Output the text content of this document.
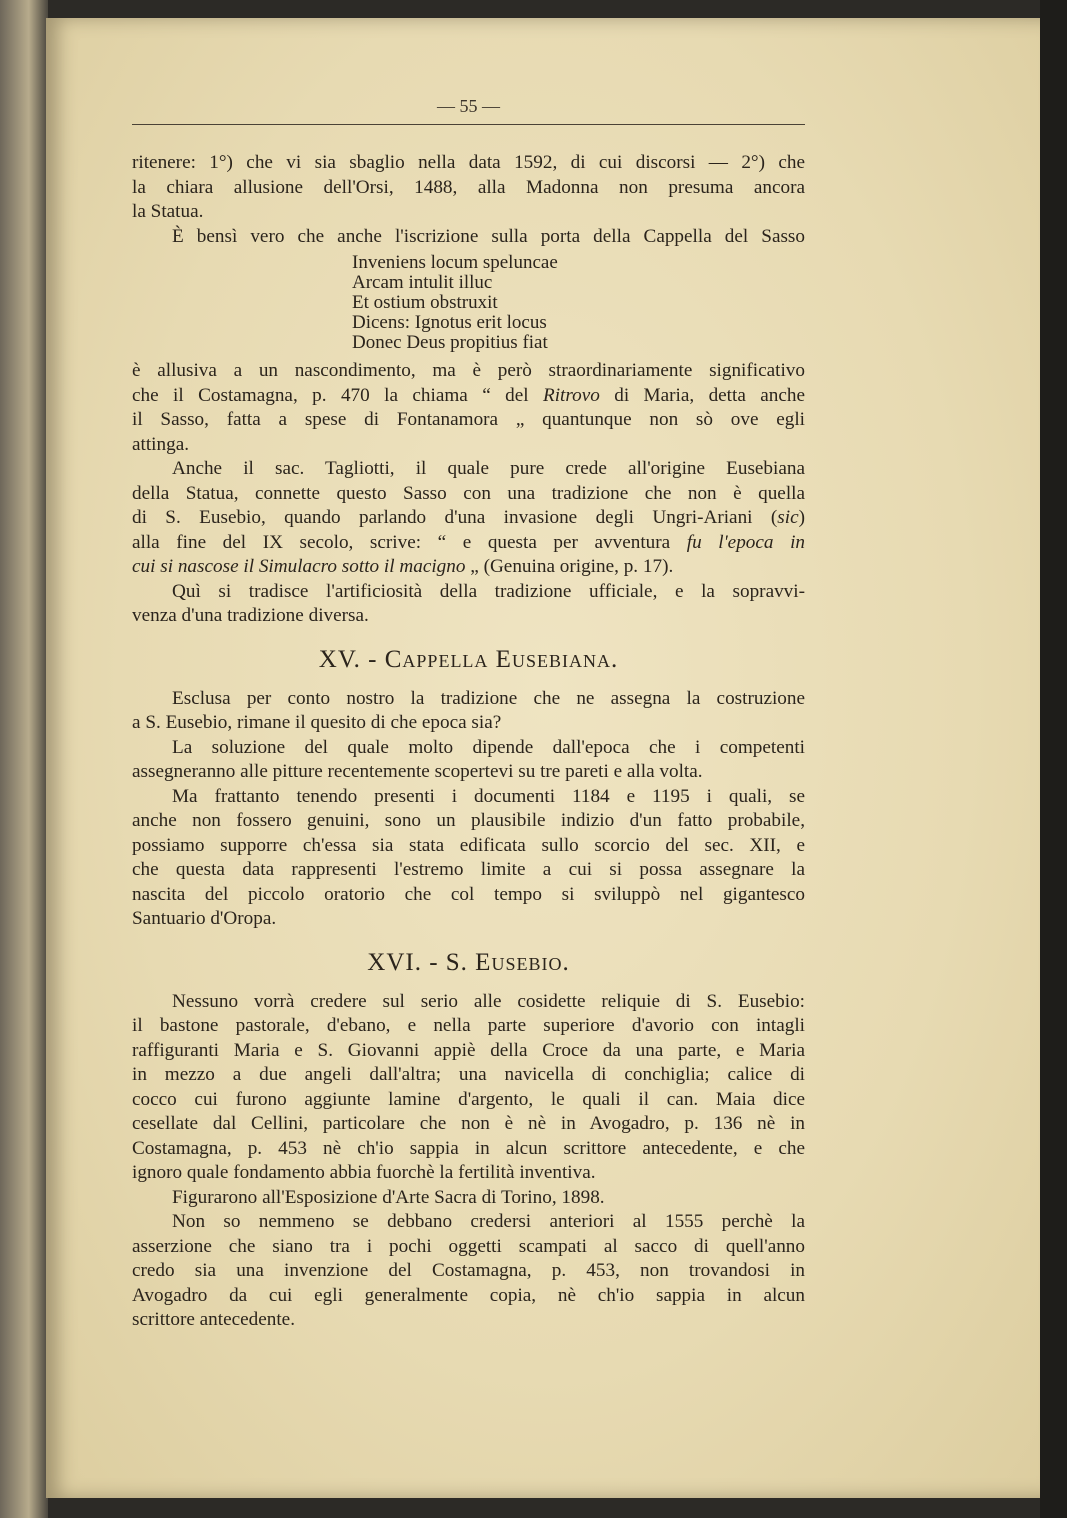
— 55 —
ritenere: 1°) che vi sia sbaglio nella data 1592, di cui discorsi — 2°) che
la chiara allusione dell'Orsi, 1488, alla Madonna non presuma ancora
la Statua.
È bensì vero che anche l'iscrizione sulla porta della Cappella del Sasso
Inveniens locum speluncae
Arcam intulit illuc
Et ostium obstruxit
Dicens: Ignotus erit locus
Donec Deus propitius fiat
è allusiva a un nascondimento, ma è però straordinariamente significativo
che il Costamagna, p. 470 la chiama “ del Ritrovo di Maria, detta anche
il Sasso, fatta a spese di Fontanamora „ quantunque non sò ove egli
attinga.
Anche il sac. Tagliotti, il quale pure crede all'origine Eusebiana
della Statua, connette questo Sasso con una tradizione che non è quella
di S. Eusebio, quando parlando d'una invasione degli Ungri-Ariani (sic)
alla fine del IX secolo, scrive: “ e questa per avventura fu l'epoca in
cui si nascose il Simulacro sotto il macigno „ (Genuina origine, p. 17).
Quì si tradisce l'artificiosità della tradizione ufficiale, e la sopravvi-
venza d'una tradizione diversa.
XV. - Cappella Eusebiana.
Esclusa per conto nostro la tradizione che ne assegna la costruzione
a S. Eusebio, rimane il quesito di che epoca sia?
La soluzione del quale molto dipende dall'epoca che i competenti
assegneranno alle pitture recentemente scopertevi su tre pareti e alla volta.
Ma frattanto tenendo presenti i documenti 1184 e 1195 i quali, se
anche non fossero genuini, sono un plausibile indizio d'un fatto probabile,
possiamo supporre ch'essa sia stata edificata sullo scorcio del sec. XII, e
che questa data rappresenti l'estremo limite a cui si possa assegnare la
nascita del piccolo oratorio che col tempo si sviluppò nel gigantesco
Santuario d'Oropa.
XVI. - S. Eusebio.
Nessuno vorrà credere sul serio alle cosidette reliquie di S. Eusebio:
il bastone pastorale, d'ebano, e nella parte superiore d'avorio con intagli
raffiguranti Maria e S. Giovanni appiè della Croce da una parte, e Maria
in mezzo a due angeli dall'altra; una navicella di conchiglia; calice di
cocco cui furono aggiunte lamine d'argento, le quali il can. Maia dice
cesellate dal Cellini, particolare che non è nè in Avogadro, p. 136 nè in
Costamagna, p. 453 nè ch'io sappia in alcun scrittore antecedente, e che
ignoro quale fondamento abbia fuorchè la fertilità inventiva.
Figurarono all'Esposizione d'Arte Sacra di Torino, 1898.
Non so nemmeno se debbano credersi anteriori al 1555 perchè la
asserzione che siano tra i pochi oggetti scampati al sacco di quell'anno
credo sia una invenzione del Costamagna, p. 453, non trovandosi in
Avogadro da cui egli generalmente copia, nè ch'io sappia in alcun
scrittore antecedente.
